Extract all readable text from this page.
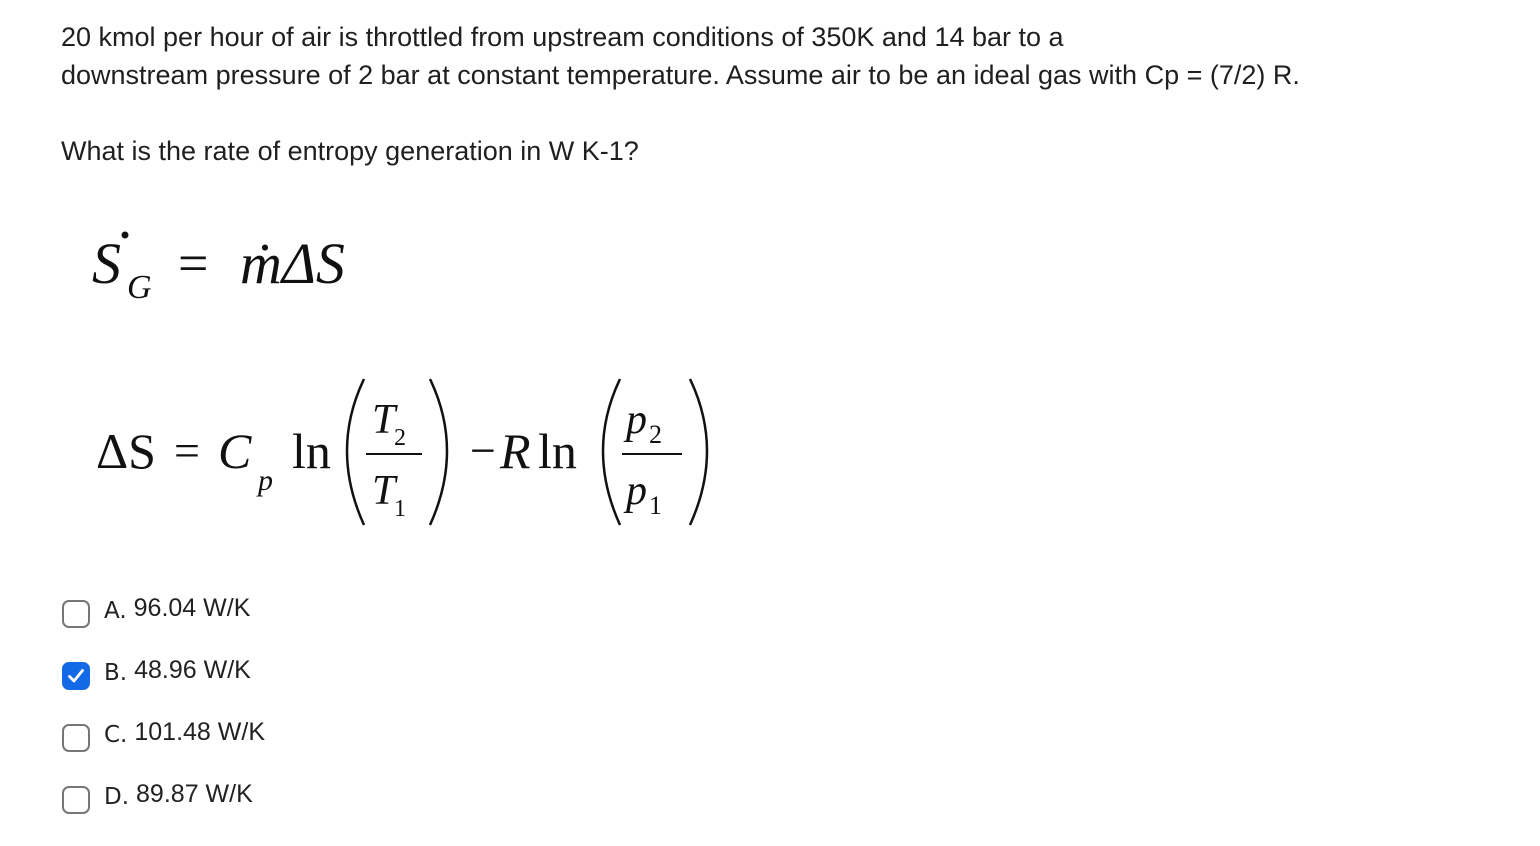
20 kmol per hour of air is throttled from upstream conditions of 350K and 14 bar to a

downstream pressure of 2 bar at constant temperature. Assume air to be an ideal gas with Cp = (7/2) R.

What is the rate of entropy generation in W K-1?
S G = ṁΔS
ΔS = C
p
ln
T
2
T
1
− R ln
p 2
p 1
A. 96.04 W/K
B. 48.96 W/K
C. 101.48 W/K
D. 89.87 W/K
